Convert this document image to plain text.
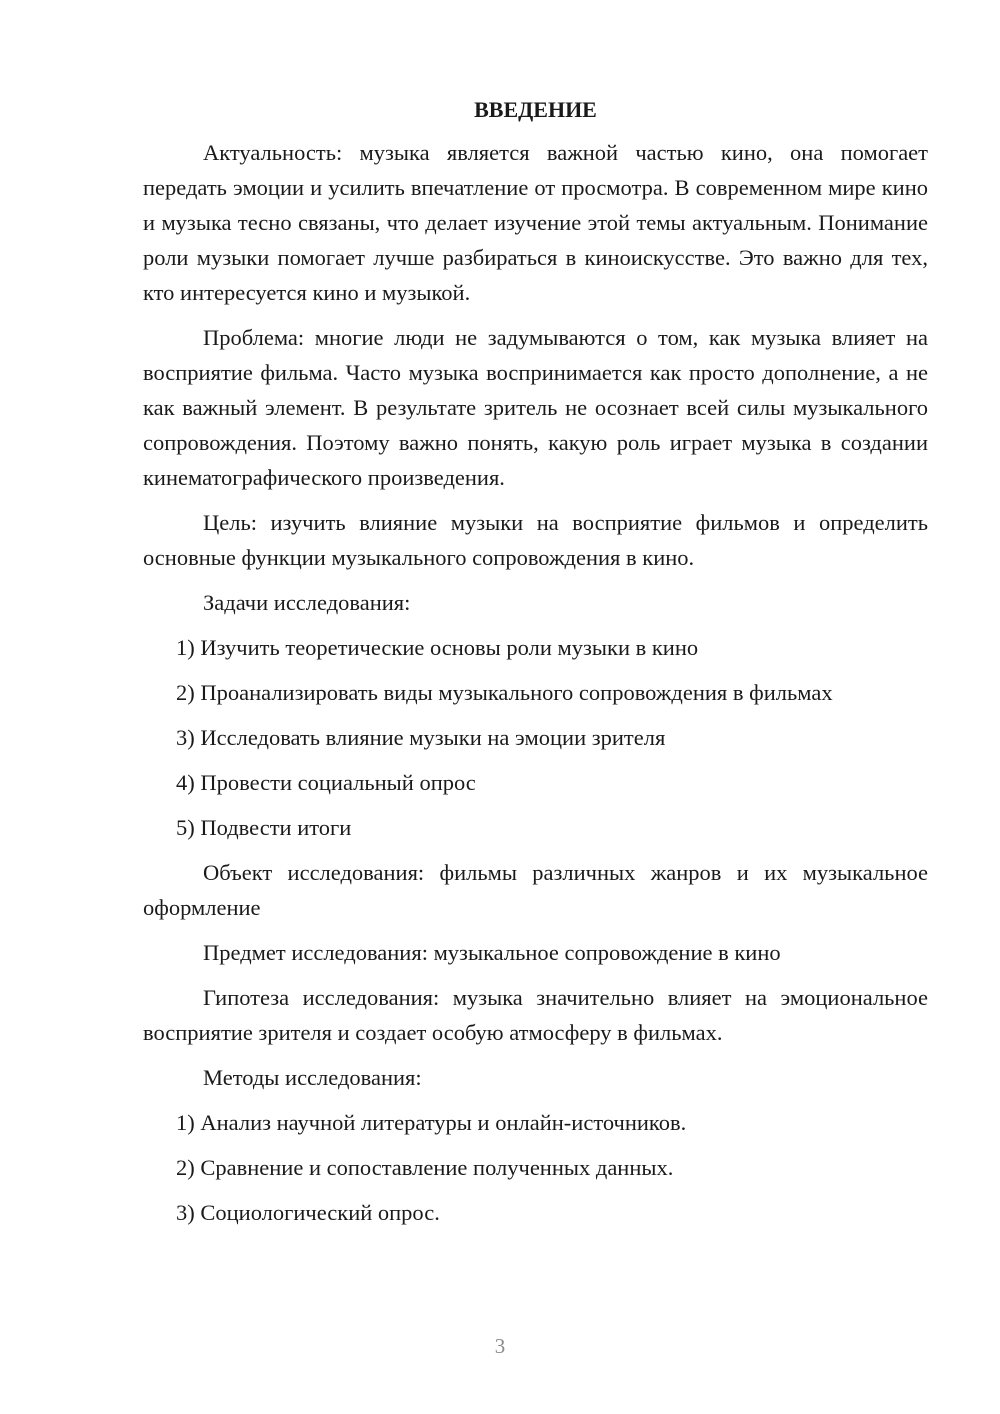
ВВЕДЕНИЕ

Актуальность: музыка является важной частью кино, она помогает передать эмоции и усилить впечатление от просмотра. В современном мире кино и музыка тесно связаны, что делает изучение этой темы актуальным. Понимание роли музыки помогает лучше разбираться в киноискусстве. Это важно для тех, кто интересуется кино и музыкой.

Проблема: многие люди не задумываются о том, как музыка влияет на восприятие фильма. Часто музыка воспринимается как просто дополнение, а не как важный элемент. В результате зритель не осознает всей силы музыкального сопровождения. Поэтому важно понять, какую роль играет музыка в создании кинематографического произведения.

Цель: изучить влияние музыки на восприятие фильмов и определить основные функции музыкального сопровождения в кино.

Задачи исследования:
1) Изучить теоретические основы роли музыки в кино
2) Проанализировать виды музыкального сопровождения в фильмах
3) Исследовать влияние музыки на эмоции зрителя
4) Провести социальный опрос
5) Подвести итоги

Объект исследования: фильмы различных жанров и их музыкальное оформление

Предмет исследования: музыкальное сопровождение в кино

Гипотеза исследования: музыка значительно влияет на эмоциональное восприятие зрителя и создает особую атмосферу в фильмах.

Методы исследования:
1) Анализ научной литературы и онлайн-источников.
2) Сравнение и сопоставление полученных данных.
3) Социологический опрос.
3
